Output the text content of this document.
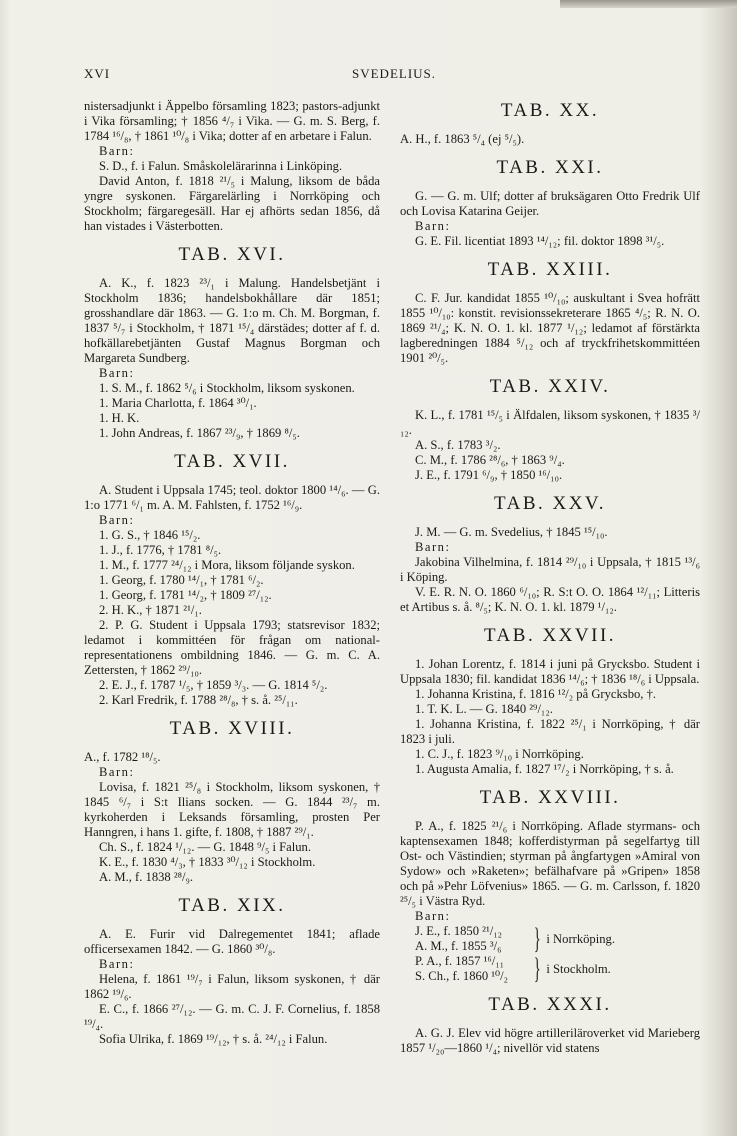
XVI	SVEDELIUS.

nistersadjunkt i Äppelbo församling 1823; pastors-adjunkt i Vika församling; † 1856 ⁴/₇ i Vika. — G. m. S. Berg, f. 1784 ¹⁶/₈, † 1861 ¹⁰/₈ i Vika; dotter af en arbetare i Falun.

Barn:

S. D., f. i Falun. Småskolelärarinna i Linköping.

David Anton, f. 1818 ²¹/₅ i Malung, liksom de båda yngre syskonen. Färgarelärling i Norrköping och Stockholm; färgaregesäll. Har ej afhörts sedan 1856, då han vistades i Västerbotten.

TAB. XVI.

A. K., f. 1823 ²³/₁ i Malung. Handelsbetjänt i Stockholm 1836; handelsbokhållare där 1851; grosshandlare där 1863. — G. 1:o m. Ch. M. Borgman, f. 1837 ⁵/₇ i Stockholm, † 1871 ¹⁵/₄ därstädes; dotter af f. d. hofkällarebetjänten Gustaf Magnus Borgman och Margareta Sundberg.

Barn:

1. S. M., f. 1862 ⁵/₆ i Stockholm, liksom syskonen.

1. Maria Charlotta, f. 1864 ³⁰/₁.

1. H. K.

1. John Andreas, f. 1867 ²³/₉, † 1869 ⁸/₅.

TAB. XVII.

A. Student i Uppsala 1745; teol. doktor 1800 ¹⁴/₆. — G. 1:o 1771 ⁶/₁ m. A. M. Fahlsten, f. 1752 ¹⁶/₉.

Barn:

1. G. S., † 1846 ¹⁵/₂.

1. J., f. 1776, † 1781 ⁸/₅.

1. M., f. 1777 ²⁴/₁₂ i Mora, liksom följande syskon.

1. Georg, f. 1780 ¹⁴/₁, † 1781 ⁶/₂.

1. Georg, f. 1781 ¹⁴/₂, † 1809 ²⁷/₁₂.

2. H. K., † 1871 ²¹/₁.

2. P. G. Student i Uppsala 1793; statsrevisor 1832; ledamot i kommittéen för frågan om national-representationens ombildning 1846. — G. m. C. A. Zettersten, † 1862 ²⁹/₁₀.

2. E. J., f. 1787 ¹/₅, † 1859 ³/₃. — G. 1814 ⁵/₂.

2. Karl Fredrik, f. 1788 ²⁸/₈, † s. å. ²⁵/₁₁.

TAB. XVIII.

A., f. 1782 ¹⁸/₅.

Barn:

Lovisa, f. 1821 ²⁵/₈ i Stockholm, liksom syskonen, † 1845 ⁶/₇ i S:t Ilians socken. — G. 1844 ²³/₇ m. kyrkoherden i Leksands församling, prosten Per Hanngren, i hans 1. gifte, f. 1808, † 1887 ²⁹/₁.

Ch. S., f. 1824 ¹/₁₂. — G. 1848 ⁹/₅ i Falun.

K. E., f. 1830 ⁴/₃, † 1833 ³⁰/₁₂ i Stockholm.

A. M., f. 1838 ²⁸/₉.

TAB. XIX.

A. E. Furir vid Dalregementet 1841; aflade officersexamen 1842. — G. 1860 ³⁰/₈.

Barn:

Helena, f. 1861 ¹⁹/₇ i Falun, liksom syskonen, † där 1862 ¹⁹/₆.

E. C., f. 1866 ²⁷/₁₂. — G. m. C. J. F. Cornelius, f. 1858 ¹⁹/₄.

Sofia Ulrika, f. 1869 ¹⁹/₁₂, † s. å. ²⁴/₁₂ i Falun.

TAB. XX.

A. H., f. 1863 ⁵/₄ (ej ⁵/₅).

TAB. XXI.

G. — G. m. Ulf; dotter af bruksägaren Otto Fredrik Ulf och Lovisa Katarina Geijer.

Barn:

G. E. Fil. licentiat 1893 ¹⁴/₁₂; fil. doktor 1898 ³¹/₅.

TAB. XXIII.

C. F. Jur. kandidat 1855 ¹⁰/₁₀; auskultant i Svea hofrätt 1855 ¹⁰/₁₀: konstit. revisionssekreterare 1865 ⁴/₅; R. N. O. 1869 ²¹/₄; K. N. O. 1. kl. 1877 ¹/₁₂; ledamot af förstärkta lagberedningen 1884 ⁵/₁₂ och af tryckfrihetskommittéen 1901 ²⁰/₅.

TAB. XXIV.

K. L., f. 1781 ¹⁵/₅ i Älfdalen, liksom syskonen, † 1835 ³/₁₂.

A. S., f. 1783 ³/₂.

C. M., f. 1786 ²⁸/₆, † 1863 ⁹/₄.

J. E., f. 1791 ⁶/₉, † 1850 ¹⁶/₁₀.

TAB. XXV.

J. M. — G. m. Svedelius, † 1845 ¹⁵/₁₀.

Barn:

Jakobina Vilhelmina, f. 1814 ²⁹/₁₀ i Uppsala, † 1815 ¹³/₆ i Köping.

V. E. R. N. O. 1860 ⁶/₁₀; R. S:t O. O. 1864 ¹²/₁₁; Litteris et Artibus s. å. ⁸/₅; K. N. O. 1. kl. 1879 ¹/₁₂.

TAB. XXVII.

1. Johan Lorentz, f. 1814 i juni på Grycksbo. Student i Uppsala 1830; fil. kandidat 1836 ¹⁴/₆; † 1836 ¹⁸/₆ i Uppsala.

1. Johanna Kristina, f. 1816 ¹²/₂ på Grycksbo, †.

1. T. K. L. — G. 1840 ²⁹/₁₂.

1. Johanna Kristina, f. 1822 ²⁵/₁ i Norrköping, † där 1823 i juli.

1. C. J., f. 1823 ⁹/₁₀ i Norrköping.

1. Augusta Amalia, f. 1827 ¹⁷/₂ i Norrköping, † s. å.

TAB. XXVIII.

P. A., f. 1825 ²¹/₆ i Norrköping. Aflade styrmans- och kaptensexamen 1848; kofferdistyrman på segelfartyg till Ost- och Västindien; styrman på ångfartygen »Amiral von Sydow» och »Raketen»; befälhafvare på »Gripen» 1858 och på »Pehr Löfvenius» 1865. — G. m. Carlsson, f. 1820 ²⁵/₅ i Västra Ryd.

Barn:

J. E., f. 1850 ²¹/₁₂

A. M., f. 1855 ³/₆	} i Norrköping.

P. A., f. 1857 ¹⁶/₁₁

S. Ch., f. 1860 ¹⁰/₂ } i Stockholm.
TAB. XXXI.

A. G. J. Elev vid högre artilleriläroverket vid Marieberg 1857 ¹/₂₀—1860 ¹/₄; nivellör vid statens
